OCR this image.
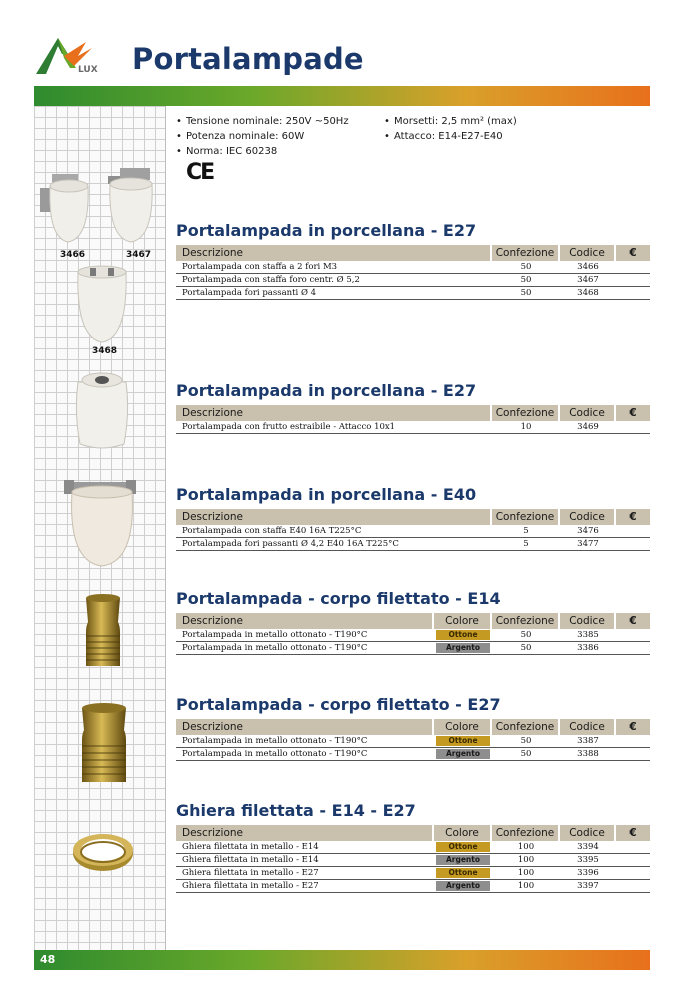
LUX Portalampade
3466	3467
3468
• Tensione nominale: 250V ~50Hz
• Potenza nominale: 60W
• Norma: IEC 60238
• Morsetti: 2,5 mm² (max)
• Attacco: E14-E27-E40
CE
Portalampada in porcellana - E27
Descrizione	Confezione	Codice	€
Portalampada con staffa a 2 fori M3	50	3466
Portalampada con staffa foro centr. Ø 5,2	50	3467
Portalampada fori passanti Ø 4	50	3468
Portalampada in porcellana - E27
Descrizione	Confezione	Codice	€
Portalampada con frutto estraibile - Attacco 10x1	10	3469
Portalampada in porcellana - E40
Descrizione	Confezione	Codice	€
Portalampada con staffa E40 16A T225°C	5	3476
Portalampada fori passanti Ø 4,2 E40 16A T225°C	5	3477
Portalampada - corpo filettato - E14
Descrizione	Colore	Confezione	Codice	€
Portalampada in metallo ottonato - T190°C	Ottone	50	3385
Portalampada in metallo ottonato - T190°C	Argento	50	3386
Portalampada - corpo filettato - E27
Descrizione	Colore	Confezione	Codice	€
Portalampada in metallo ottonato - T190°C	Ottone	50	3387
Portalampada in metallo ottonato - T190°C	Argento	50	3388
Ghiera filettata - E14 - E27
Descrizione	Colore	Confezione	Codice	€
Ghiera filettata in metallo - E14	Ottone	100	3394
Ghiera filettata in metallo - E14	Argento	100	3395
Ghiera filettata in metallo - E27	Ottone	100	3396
Ghiera filettata in metallo - E27	Argento	100	3397
48
